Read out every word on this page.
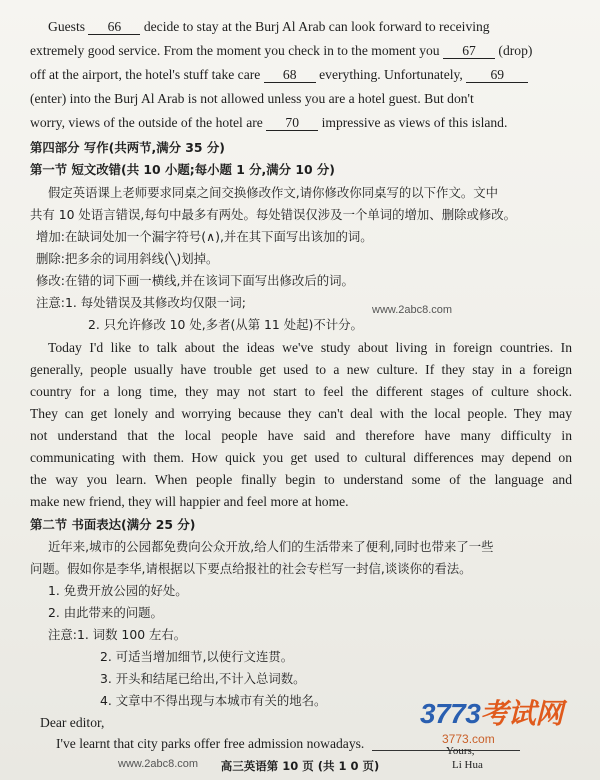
Guests 66 decide to stay at the Burj Al Arab can look forward to receiving
extremely good service. From the moment you check in to the moment you 67 (drop)
off at the airport, the hotel's stuff take care 68 everything. Unfortunately, 69
(enter) into the Burj Al Arab is not allowed unless you are a hotel guest. But don't
worry, views of the outside of the hotel are 70 impressive as views of this island.
第四部分 写作(共两节,满分 35 分)
第一节 短文改错(共 10 小题;每小题 1 分,满分 10 分)
假定英语课上老师要求同桌之间交换修改作文,请你修改你同桌写的以下作文。文中
共有 10 处语言错误,每句中最多有两处。每处错误仅涉及一个单词的增加、删除或修改。
增加:在缺词处加一个漏字符号(∧),并在其下面写出该加的词。
删除:把多余的词用斜线(╲)划掉。
修改:在错的词下画一横线,并在该词下面写出修改后的词。
注意:1. 每处错误及其修改均仅限一词;
2. 只允许修改 10 处,多者(从第 11 处起)不计分。
www.2abc8.com
Today I'd like to talk about the ideas we've study about living in foreign countries. In
generally, people usually have trouble get used to a new culture. If they stay in a foreign
country for a long time, they may not start to feel the different stages of culture shock.
They can get lonely and worrying because they can't deal with the local people. They may
not understand that the local people have said and therefore have many difficulty in
communicating with them. How quick you get used to cultural differences may depend on
the way you learn. When people finally begin to understand some of the language and
make new friend, they will happier and feel more at home.
第二节 书面表达(满分 25 分)
近年来,城市的公园都免费向公众开放,给人们的生活带来了便利,同时也带来了一些
问题。假如你是李华,请根据以下要点给报社的社会专栏写一封信,谈谈你的看法。
1. 免费开放公园的好处。
2. 由此带来的问题。
注意:1. 词数 100 左右。
2. 可适当增加细节,以使行文连贯。
3. 开头和结尾已给出,不计入总词数。
4. 文章中不得出现与本城市有关的地名。
Dear editor,
I've learnt that city parks offer free admission nowadays.
www.2abc8.com
Yours,
Li Hua
3773考试网
3773.com
高三英语第 10 页 (共 1 0 页)
